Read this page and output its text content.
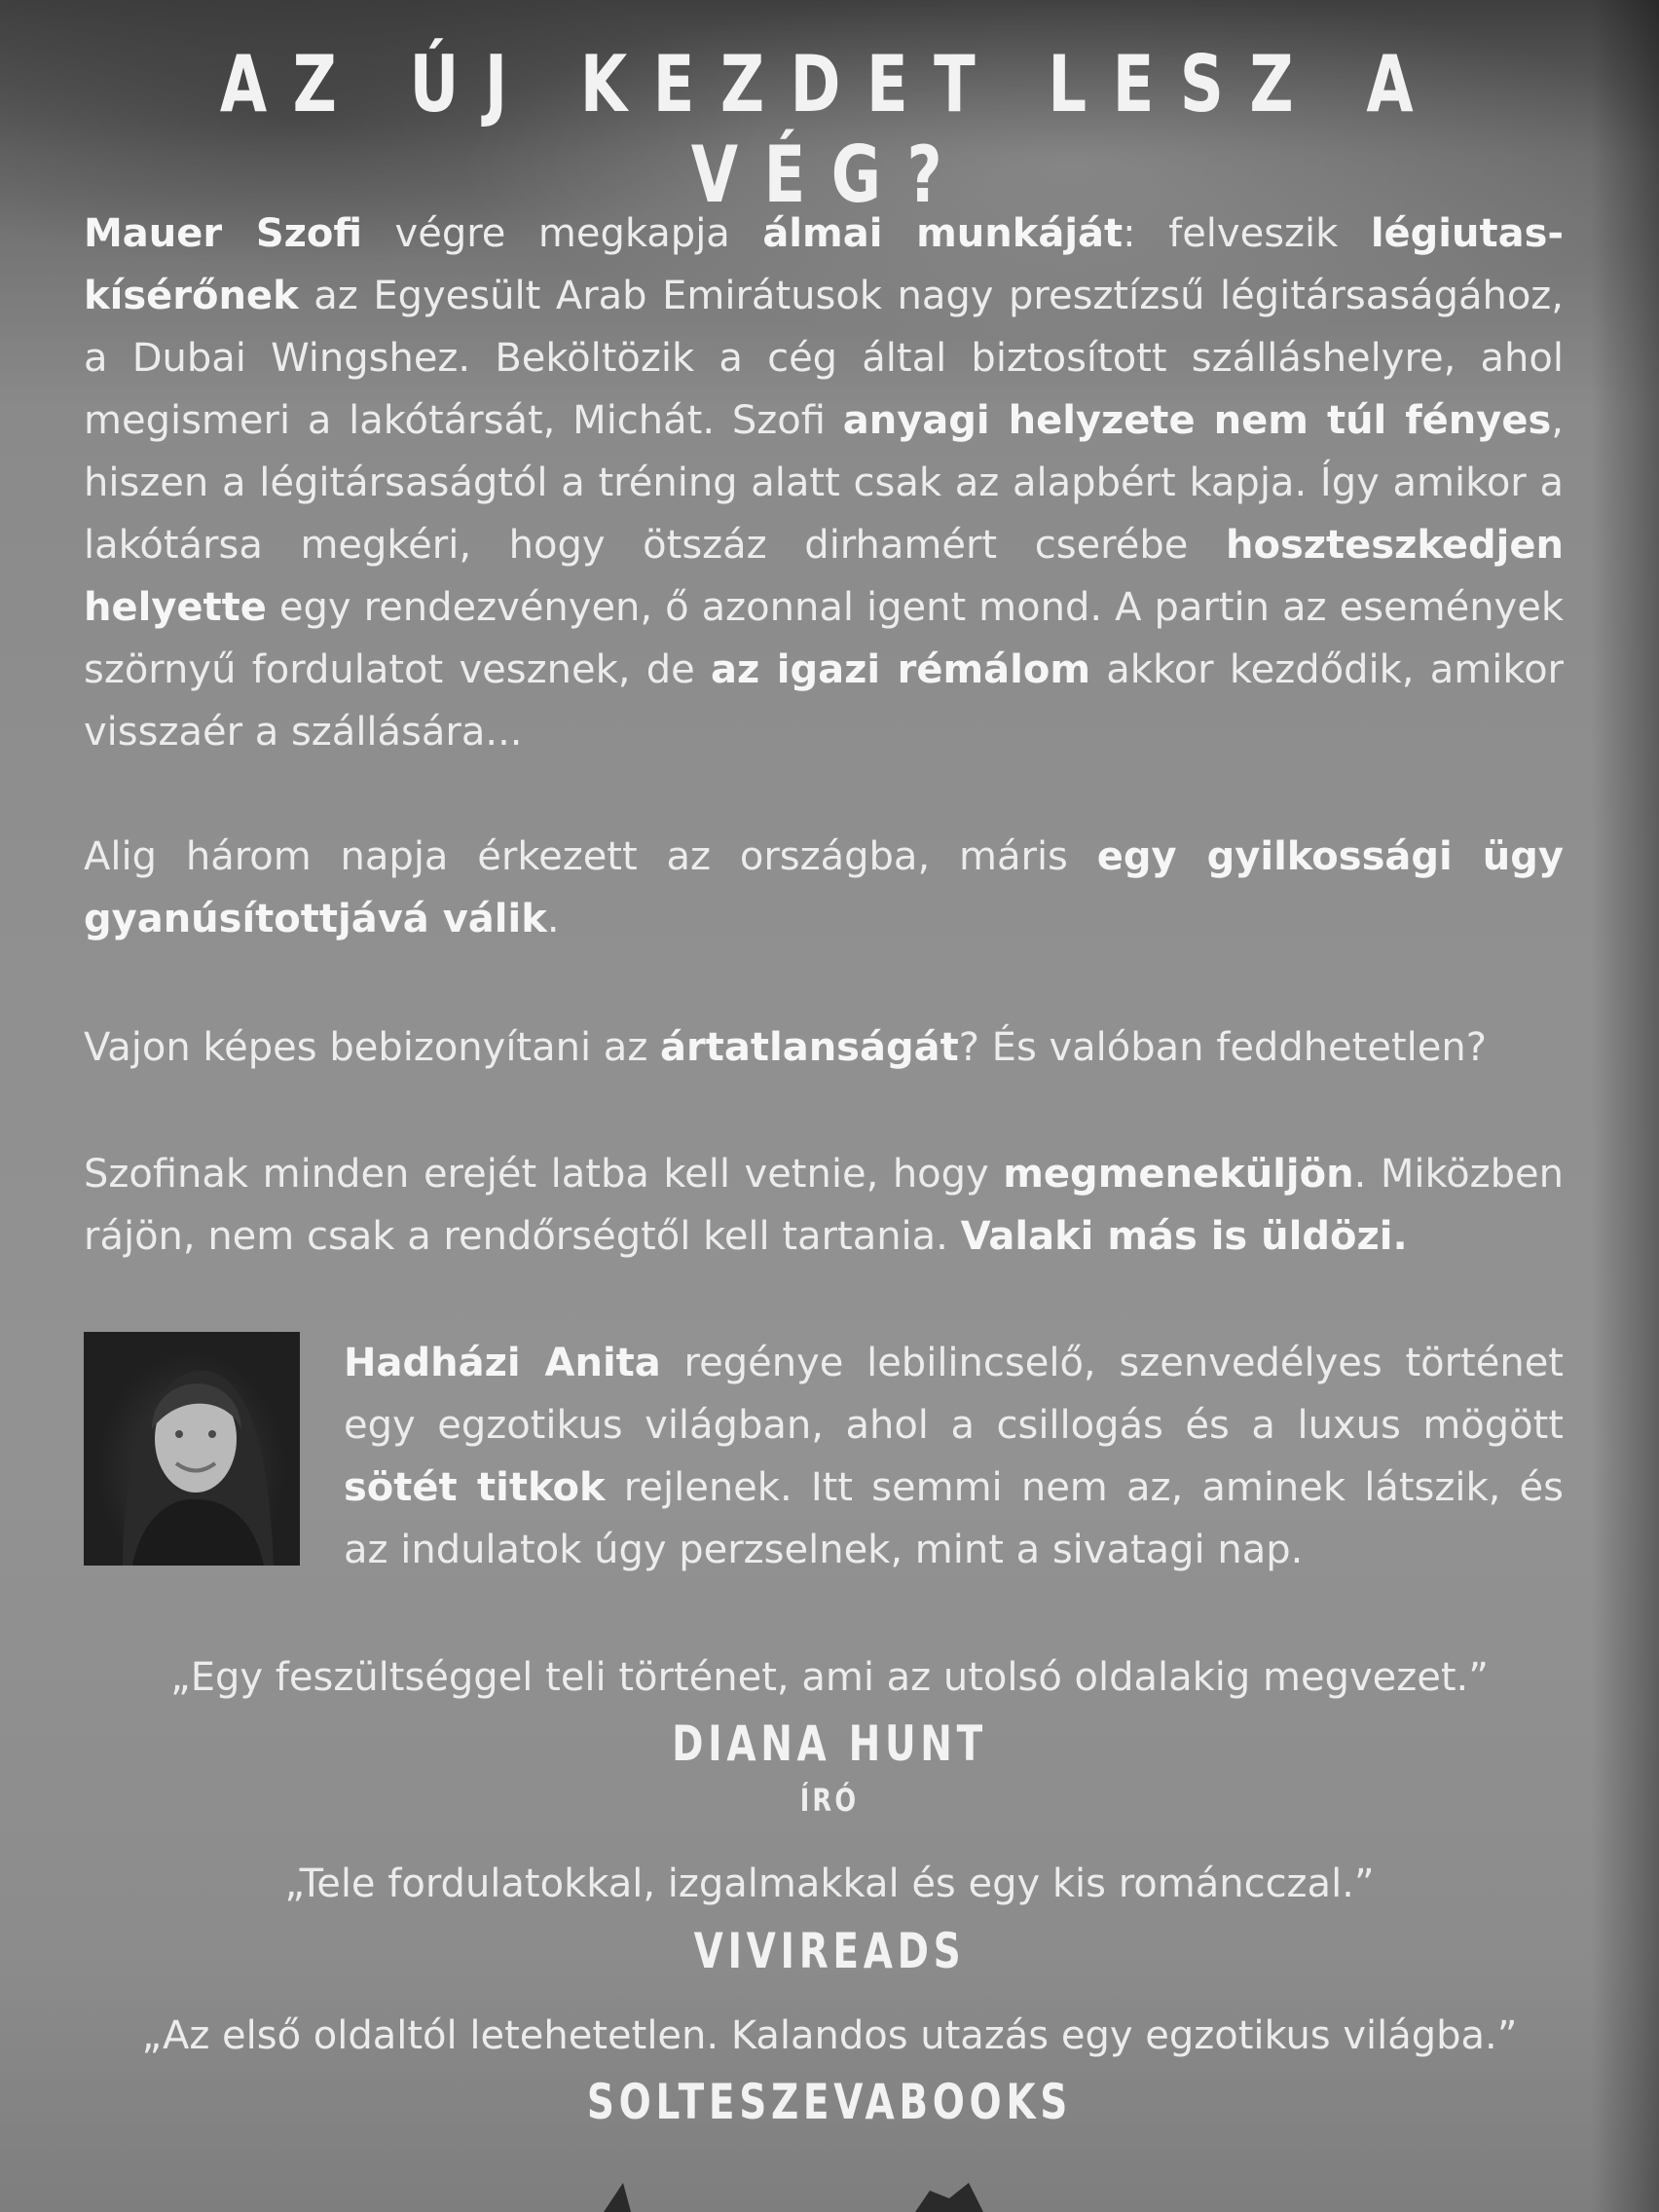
AZ ÚJ KEZDET LESZ A VÉG?
Mauer Szofi végre megkapja álmai munkáját: felveszik légiutas-kísérőnek az Egyesült Arab Emirátusok nagy presztízsű légitársaságához, a Dubai Wingshez. Beköltözik a cég által biztosított szálláshelyre, ahol megismeri a lakótársát, Michát. Szofi anyagi helyzete nem túl fényes, hiszen a légitársaságtól a tréning alatt csak az alapbért kapja. Így amikor a lakótársa megkéri, hogy ötszáz dirhamért cserébe hoszteszkedjen helyette egy rendezvényen, ő azonnal igent mond. A partin az események szörnyű fordulatot vesznek, de az igazi rémálom akkor kezdődik, amikor visszaér a szállására...
Alig három napja érkezett az országba, máris egy gyilkossági ügy gyanúsítottjává válik.
Vajon képes bebizonyítani az ártatlanságát? És valóban feddhetetlen?
Szofinak minden erejét latba kell vetnie, hogy megmeneküljön. Miközben rájön, nem csak a rendőrségtől kell tartania. Valaki más is üldözi.
Hadházi Anita regénye lebilincselő, szenvedélyes történet egy egzotikus világban, ahol a csillogás és a luxus mögött sötét titkok rejlenek. Itt semmi nem az, aminek látszik, és az indulatok úgy perzselnek, mint a sivatagi nap.
„Egy feszültséggel teli történet, ami az utolsó oldalakig megvezet.”
DIANA HUNT
ÍRÓ
„Tele fordulatokkal, izgalmakkal és egy kis románcczal.”
VIVIREADS
„Az első oldaltól letehetetlen. Kalandos utazás egy egzotikus világba.”
SOLTESZEVABOOKS
